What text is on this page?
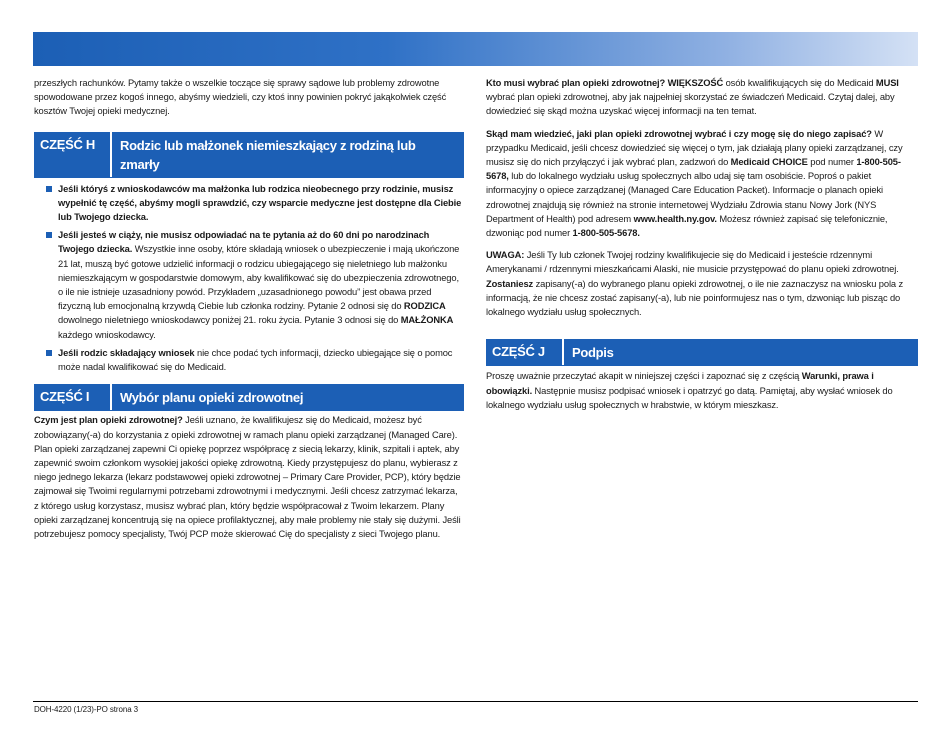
przeszłych rachunków. Pytamy także o wszelkie toczące się sprawy sądowe lub problemy zdrowotne spowodowane przez kogoś innego, abyśmy wiedzieli, czy ktoś inny powinien pokryć jakąkolwiek część kosztów Twojej opieki medycznej.

CZĘŚĆ H	Rodzic lub małżonek niemieszkający z rodziną lub zmarły
Jeśli któryś z wnioskodawców ma małżonka lub rodzica nieobecnego przy rodzinie, musisz wypełnić tę część, abyśmy mogli sprawdzić, czy wsparcie medyczne jest dostępne dla Ciebie lub Twojego dziecka.
Jeśli jesteś w ciąży, nie musisz odpowiadać na te pytania aż do 60 dni po narodzinach Twojego dziecka. Wszystkie inne osoby, które składają wniosek o ubezpieczenie i mają ukończone 21 lat, muszą być gotowe udzielić informacji o rodzicu ubiegającego się nieletniego lub małżonku niemieszkającym w gospodarstwie domowym, aby kwalifikować się do ubezpieczenia zdrowotnego, o ile nie istnieje uzasadniony powód. Przykładem „uzasadnionego powodu” jest obawa przed fizyczną lub emocjonalną krzywdą Ciebie lub członka rodziny. Pytanie 2 odnosi się do RODZICA dowolnego nieletniego wnioskodawcy poniżej 21. roku życia. Pytanie 3 odnosi się do MAŁŻONKA każdego wnioskodawcy.
Jeśli rodzic składający wniosek nie chce podać tych informacji, dziecko ubiegające się o pomoc może nadal kwalifikować się do Medicaid.
CZĘŚĆ I	Wybór planu opieki zdrowotnej

Czym jest plan opieki zdrowotnej? Jeśli uznano, że kwalifikujesz się do Medicaid, możesz być zobowiązany(-a) do korzystania z opieki zdrowotnej w ramach planu opieki zarządzanej (Managed Care). Plan opieki zarządzanej zapewni Ci opiekę poprzez współpracę z siecią lekarzy, klinik, szpitali i aptek, aby zapewnić swoim członkom wysokiej jakości opiekę zdrowotną. Kiedy przystępujesz do planu, wybierasz z niego jednego lekarza (lekarz podstawowej opieki zdrowotnej – Primary Care Provider, PCP), który będzie zajmował się Twoimi regularnymi potrzebami zdrowotnymi i medycznymi. Jeśli chcesz zatrzymać lekarza, z którego usług korzystasz, musisz wybrać plan, który będzie współpracował z Twoim lekarzem. Plany opieki zarządzanej koncentrują się na opiece profilaktycznej, aby małe problemy nie stały się dużymi. Jeśli potrzebujesz pomocy specjalisty, Twój PCP może skierować Cię do specjalisty z sieci Twojego planu.

Kto musi wybrać plan opieki zdrowotnej? WIĘKSZOŚĆ osób kwalifikujących się do Medicaid MUSI wybrać plan opieki zdrowotnej, aby jak najpełniej skorzystać ze świadczeń Medicaid. Czytaj dalej, aby dowiedzieć się skąd można uzyskać więcej informacji na ten temat.

Skąd mam wiedzieć, jaki plan opieki zdrowotnej wybrać i czy mogę się do niego zapisać? W przypadku Medicaid, jeśli chcesz dowiedzieć się więcej o tym, jak działają plany opieki zarządzanej, czy musisz się do nich przyłączyć i jak wybrać plan, zadzwoń do Medicaid CHOICE pod numer 1-800-505-5678, lub do lokalnego wydziału usług społecznych albo udaj się tam osobiście. Poproś o pakiet informacyjny o opiece zarządzanej (Managed Care Education Packet). Informacje o planach opieki zdrowotnej znajdują się również na stronie internetowej Wydziału Zdrowia stanu Nowy Jork (NYS Department of Health) pod adresem www.health.ny.gov. Możesz również zapisać się telefonicznie, dzwoniąc pod numer 1-800-505-5678.

UWAGA: Jeśli Ty lub członek Twojej rodziny kwalifikujecie się do Medicaid i jesteście rdzennymi Amerykanami / rdzennymi mieszkańcami Alaski, nie musicie przystępować do planu opieki zdrowotnej. Zostaniesz zapisany(-a) do wybranego planu opieki zdrowotnej, o ile nie zaznaczysz na wniosku pola z informacją, że nie chcesz zostać zapisany(-a), lub nie poinformujesz nas o tym, dzwoniąc lub pisząc do lokalnego wydziału usług społecznych.

CZĘŚĆ J	Podpis

Proszę uważnie przeczytać akapit w niniejszej części i zapoznać się z częścią Warunki, prawa i obowiązki. Następnie musisz podpisać wniosek i opatrzyć go datą. Pamiętaj, aby wysłać wniosek do lokalnego wydziału usług społecznych w hrabstwie, w którym mieszkasz.

DOH-4220 (1/23)-PO strona 3
